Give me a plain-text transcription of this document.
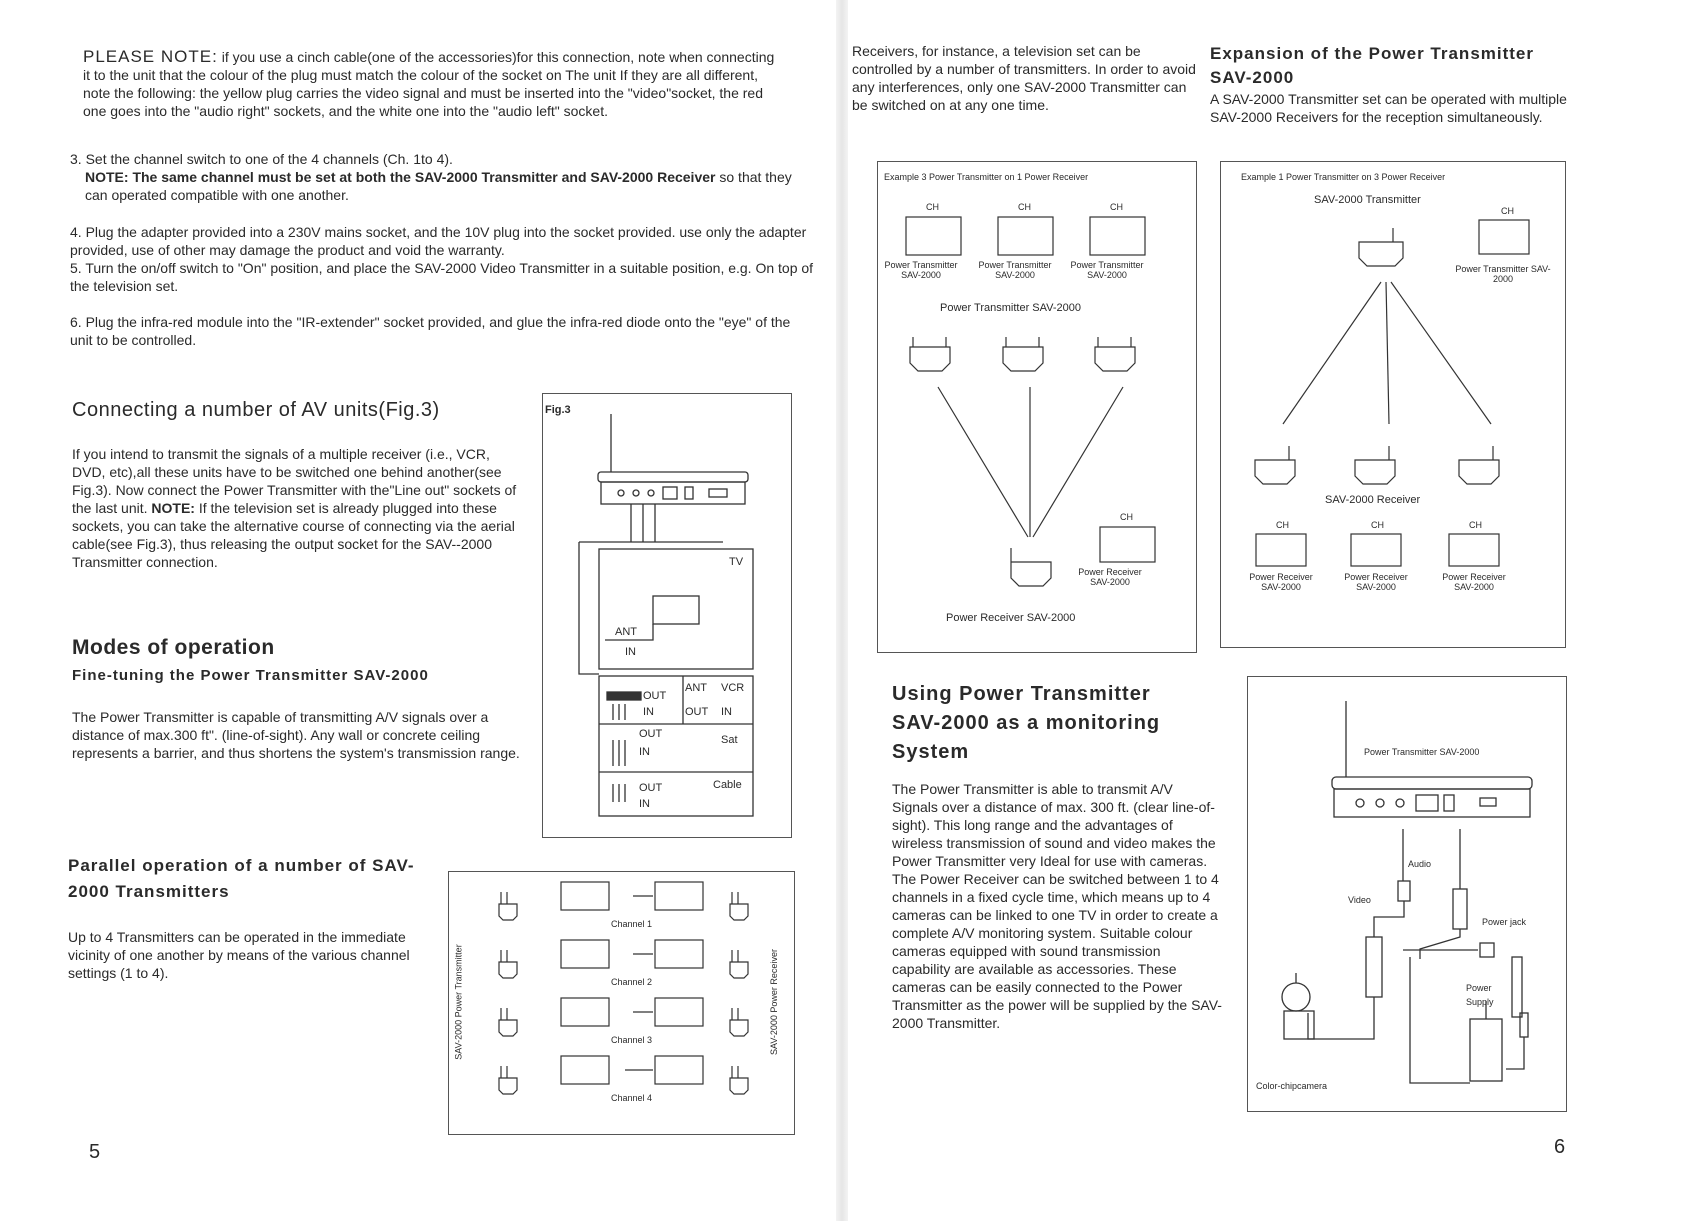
PLEASE NOTE: if you use a cinch cable(one of the accessories)for this connection, note when connecting it to the unit that the colour of the plug must match the colour of the socket on The unit If they are all different, note the following: the yellow plug carries the video signal and must be inserted into the "video"socket, the red one goes into the "audio right" sockets, and the white one into the "audio left" socket.

3. Set the channel switch to one of the 4 channels (Ch. 1to 4).

NOTE: The same channel must be set at both the SAV-2000 Transmitter and SAV-2000 Receiver so that they can operated compatible with one another.

4. Plug the adapter provided into a 230V mains socket, and the 10V plug into the socket provided. use only the adapter provided, use of other may damage the product and void the warranty.

5. Turn the on/off switch to "On" position, and place the SAV-2000 Video Transmitter in a suitable position, e.g. On top of the television set.

6. Plug the infra-red module into the "IR-extender" socket provided, and glue the infra-red diode onto the "eye" of the unit to be controlled.

Connecting a number of AV units(Fig.3)

If you intend to transmit the signals of a multiple receiver (i.e., VCR, DVD, etc),all these units have to be switched one behind another(see Fig.3). Now connect the Power Transmitter with the"Line out" sockets of the last unit. NOTE: If the television set is already plugged into these sockets, you can take the alternative course of connecting via the aerial cable(see Fig.3), thus releasing the output socket for the SAV--2000 Transmitter connection.

Modes of operation
Fine-tuning the Power Transmitter SAV-2000

The Power Transmitter is capable of transmitting A/V signals over a distance of max.300 ft". (line-of-sight). Any wall or concrete ceiling represents a barrier, and thus shortens the system's transmission range.

Parallel operation of a number of SAV-2000 Transmitters

Up to 4 Transmitters can be operated in the immediate vicinity of one another by means of the various channel settings (1 to 4).

5
Fig.3
TV
ANT
IN
OUT
ANT VCR
IN	OUT IN
OUT	Sat
IN
Cable
OUT
IN
SAV-2000 Power Transmitter	SAV-2000 Power Receiver
Channel 1
Channel 2
Channel 3
Channel 4

Receivers, for instance, a television set can be controlled by a number of transmitters. In order to avoid any interferences, only one SAV-2000 Transmitter can be switched on at any one time.

Expansion of the Power Transmitter
SAV-2000

A SAV-2000 Transmitter set can be operated with multiple SAV-2000 Receivers for the reception simultaneously.

Example 3 Power Transmitter on 1 Power Receiver
CH	CH	CH
Power Transmitter SAV-2000
Power Transmitter SAV-2000
Power Transmitter SAV-2000
Power Transmitter SAV-2000
CH
Power Receiver SAV-2000
Power Receiver SAV-2000
Example 1 Power Transmitter on 3 Power Receiver
SAV-2000 Transmitter
CH
Power Transmitter SAV-2000
SAV-2000 Receiver
CH	CH	CH
Power Receiver SAV-2000
Power Receiver SAV-2000
Power Receiver SAV-2000
Using Power Transmitter
SAV-2000 as a monitoring
System

The Power Transmitter is able to transmit A/V Signals over a distance of max. 300 ft. (clear line-of-sight). This long range and the advantages of wireless transmission of sound and video makes the Power Transmitter very Ideal for use with cameras. The Power Receiver can be switched between 1 to 4 channels in a fixed cycle time, which means up to 4 cameras can be linked to one TV in order to create a complete A/V monitoring system. Suitable colour cameras equipped with sound transmission capability are available as accessories. These cameras can be easily connected to the Power Transmitter as the power will be supplied by the SAV-2000 Transmitter.

Power Transmitter SAV-2000
Audio
Video
Power jack
Power
Supply
Color-chipcamera
6
